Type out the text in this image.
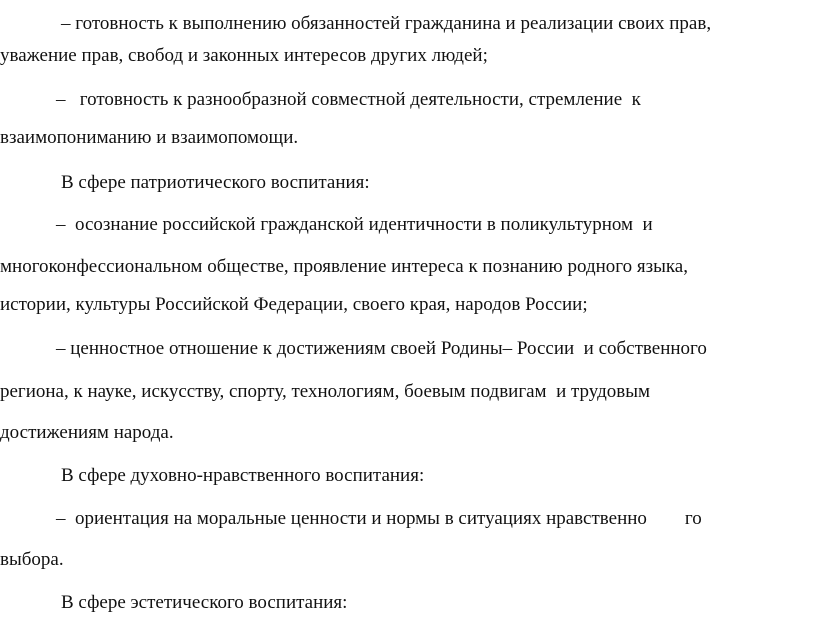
– готовность к выполнению обязанностей гражданина и реализации своих прав,
уважение прав, свобод и законных интересов других людей;
–   готовность к разнообразной совместной деятельности, стремление  к
взаимопониманию и взаимопомощи.
В сфере патриотического воспитания:
–  осознание российской гражданской идентичности в поликультурном  и
многоконфессиональном обществе, проявление интереса к познанию родного языка,
истории, культуры Российской Федерации, своего края, народов России;
– ценностное отношение к достижениям своей Родины– России  и собственного
региона, к науке, искусству, спорту, технологиям, боевым подвигам  и трудовым
достижениям народа.
В сфере духовно-нравственного воспитания:
–  ориентация на моральные ценности и нормы в ситуациях нравственно        го
выбора.
В сфере эстетического воспитания:
